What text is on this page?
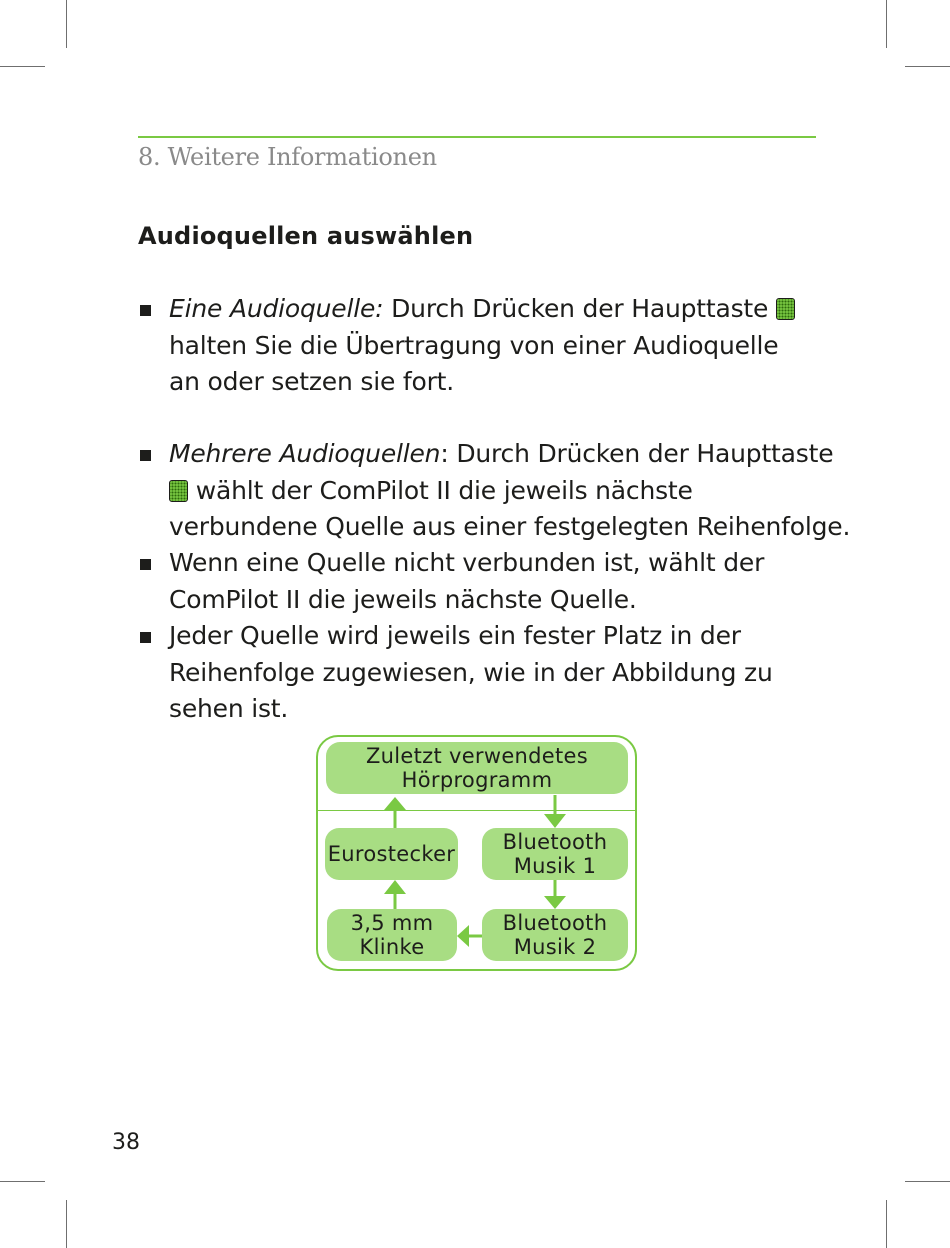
8. Weitere Informationen
Audioquellen auswählen
Eine Audioquelle: Durch Drücken der Haupttaste
halten Sie die Übertragung von einer Audioquelle
an oder setzen sie fort.
Mehrere Audioquellen: Durch Drücken der Haupttaste
wählt der ComPilot II die jeweils nächste
verbundene Quelle aus einer festgelegten Reihenfolge.
Wenn eine Quelle nicht verbunden ist, wählt der
ComPilot II die jeweils nächste Quelle.
Jeder Quelle wird jeweils ein fester Platz in der
Reihenfolge zugewiesen, wie in der Abbildung zu
sehen ist.
Zuletzt verwendetes
Hörprogramm
Eurostecker Bluetooth
Musik 1
3,5 mm
Klinke
Bluetooth
Musik 2
38
